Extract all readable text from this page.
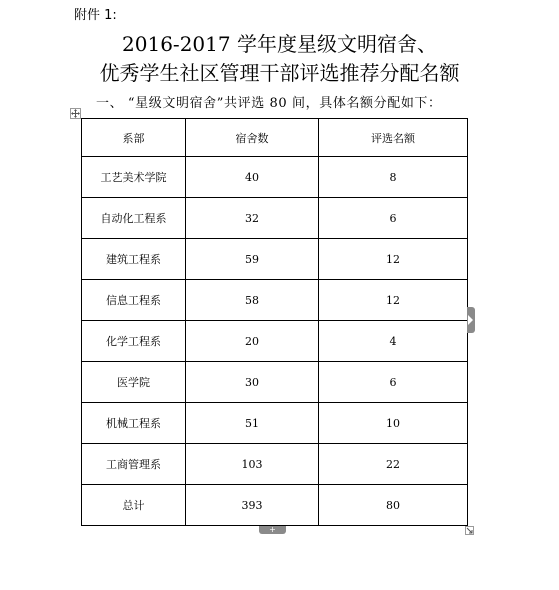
附件 1:
2016-2017 学年度星级文明宿舍、
优秀学生社区管理干部评选推荐分配名额
一、 “星级文明宿舍”共评选 80 间，具体名额分配如下：
系部	宿舍数	评选名额
工艺美术学院	40	8
自动化工程系	32	6
建筑工程系	59	12
信息工程系	58	12
化学工程系	20	4
医学院	30	6
机械工程系	51	10
工商管理系	103	22
总计	393	80
+
